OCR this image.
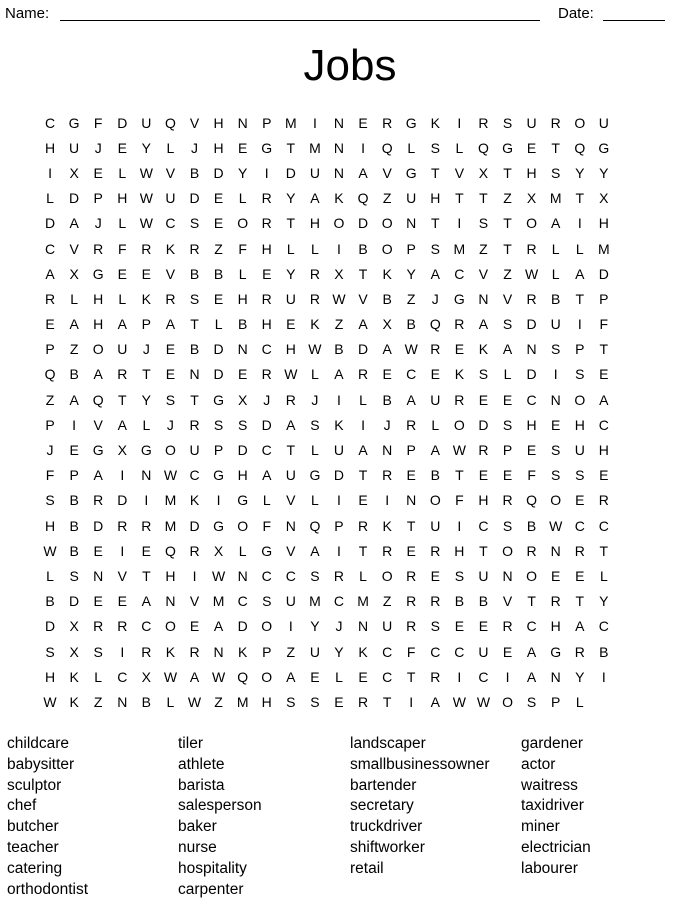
Name:	Date:
Jobs
C G	F	D U Q V	H N	P M	I	N	E	R G K	I	R	S	U R O U
H U	J	E	Y	L	J	H	E G	T M N	I	Q	L	S	L	Q G E	T	Q G
I	X	E	L W V	B	D	Y	I	D U N	A	V G	T	V	X	T	H	S	Y	Y
L	D	P	H W U D	E	L	R	Y	A	K Q	Z	U H	T	T	Z	X M T	X
D	A	J	L W C	S	E O R	T	H O D O N	T	I	S	T	O A	I	H
C	V	R	F	R	K	R	Z	F	H	L	L	I	B O P	S M Z	T	R	L	L	M
A	X G E	E	V	B	B	L	E	Y	R	X	T	K	Y	A	C	V	Z W L	A	D
R	L	H	L	K	R	S	E	H R U R W V	B	Z	J	G N	V	R	B	T	P
E	A	H	A	P	A	T	L	B	H	E	K	Z	A	X	B Q R	A	S	D U	I	F
P	Z	O U	J	E	B	D N C H W B	D	A W R	E	K	A	N	S	P	T
Q B	A	R	T	E	N D	E	R W L	A	R	E	C	E	K	S	L	D	I	S	E
Z	A Q	T	Y	S	T	G X	J	R	J	I	L	B	A	U R	E	E	C N O A
P	I	V	A	L	J	R	S	S	D	A	S	K	I	J	R	L	O D	S	H	E	H C
J	E G X G O U	P	D C	T	L	U	A	N	P	A W R	P	E	S	U H
F	P	A	I	N W C G H	A	U G D	T	R	E	B	T	E	E	F	S	S	E
S	B	R D	I	M K	I	G	L	V	L	I	E	I	N O	F	H R Q O E	R
H	B	D R R M D G O	F	N Q P	R	K	T	U	I	C	S	B W C C
W B	E	I	E Q R	X	L	G V	A	I	T	R	E	R H	T	O R N R	T
L	S	N	V	T	H	I	W N C C	S	R	L	O R	E	S	U N O E	E	L
B	D	E	E	A	N	V M C	S	U M C M Z	R R	B	B	V	T	R	T	Y
D	X	R R C O E	A	D O	I	Y	J	N U R	S	E	E	R C H	A	C
S	X	S	I	R	K	R N	K	P	Z	U	Y	K	C	F	C C U	E	A G R	B
H	K	L	C	X W A W Q O A	E	L	E	C	T	R	I	C	I	A	N	Y	I
W K	Z	N	B	L W Z M H	S	S	E	R	T	I	A W W O S	P	L
childcare
babysitter
sculptor
chef
butcher
teacher
catering
orthodontist
tiler
athlete
barista
salesperson
baker
nurse
hospitality
carpenter
landscaper
smallbusinessowner
bartender
secretary
truckdriver
shiftworker
retail
gardener
actor
waitress
taxidriver
miner
electrician
labourer
